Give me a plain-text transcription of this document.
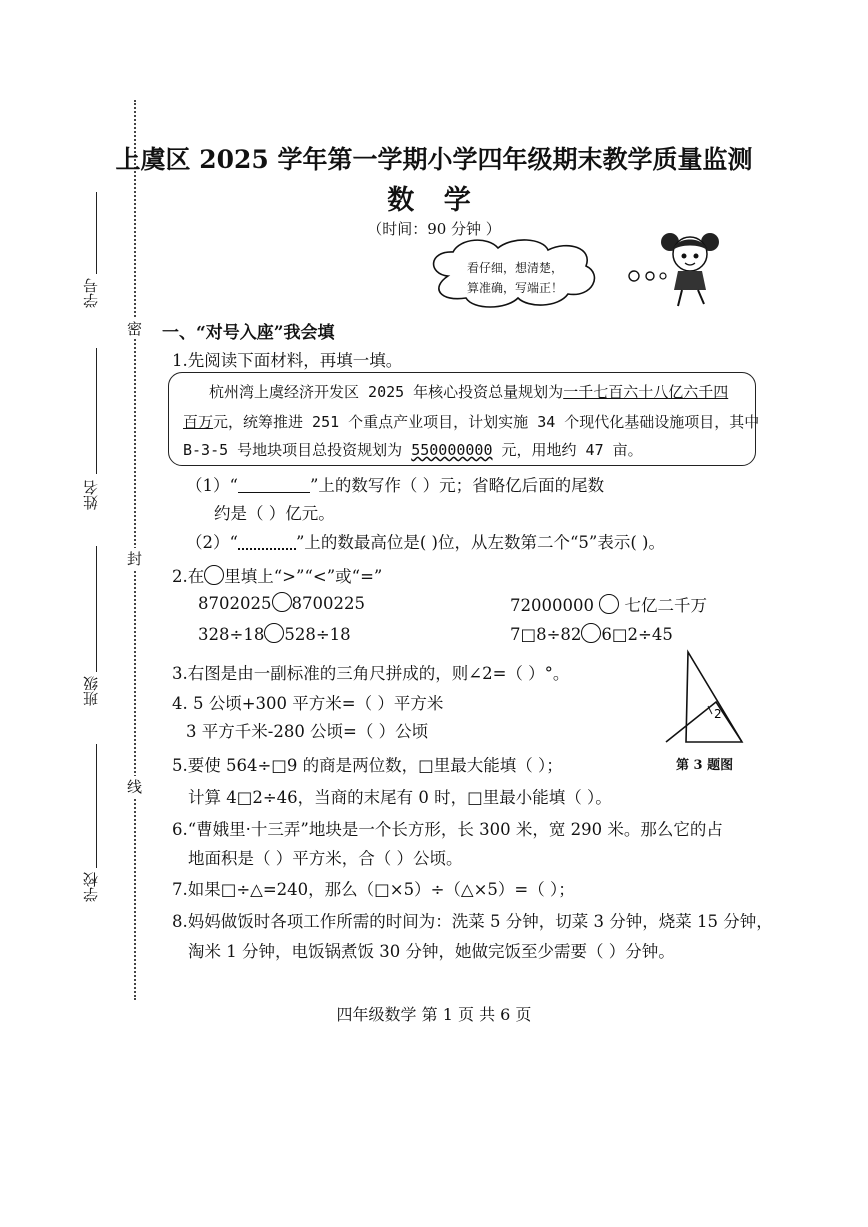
学号
姓名
班级
学校
密
封
线
上虞区 2025 学年第一学期小学四年级期末教学质量监测
数 学
（时间：90 分钟 ）
看仔细，想清楚，
算准确，写端正！
一、“对号入座”我会填
1.先阅读下面材料，再填一填。
杭州湾上虞经济开发区 2025 年核心投资总量规划为一千七百六十八亿六千四
百万元，统筹推进 251 个重点产业项目，计划实施 34 个现代化基础设施项目，其中
B-3-5 号地块项目总投资规划为 550000000 元，用地约 47 亩。
（1）“	”上的数写作（ ）元；省略亿后面的尾数
约是（ ）亿元。
（2）“	”上的数最高位是( )位，从左数第二个“5”表示( )。
2.在 里填上“>”“<”或“=”
8702025 8700225	72000000 七亿二千万
328÷18 528÷18	7□8÷82 6□2÷45
3.右图是由一副标准的三角尺拼成的，则∠2=（ ）°。
2
第 3 题图
4. 5 公顷+300 平方米=（ ）平方米
3 平方千米-280 公顷=（ ）公顷
5.要使 564÷□9 的商是两位数，□里最大能填（ ）；
计算 4□2÷46，当商的末尾有 0 时，□里最小能填（ ）。
6.“曹娥里·十三弄”地块是一个长方形，长 300 米，宽 290 米。那么它的占
地面积是（ ）平方米，合（ ）公顷。
7.如果□÷△=240，那么（□×5）÷（△×5）=（ ）；
8.妈妈做饭时各项工作所需的时间为：洗菜 5 分钟，切菜 3 分钟，烧菜 15 分钟，
淘米 1 分钟，电饭锅煮饭 30 分钟，她做完饭至少需要（ ）分钟。
四年级数学 第 1 页 共 6 页
